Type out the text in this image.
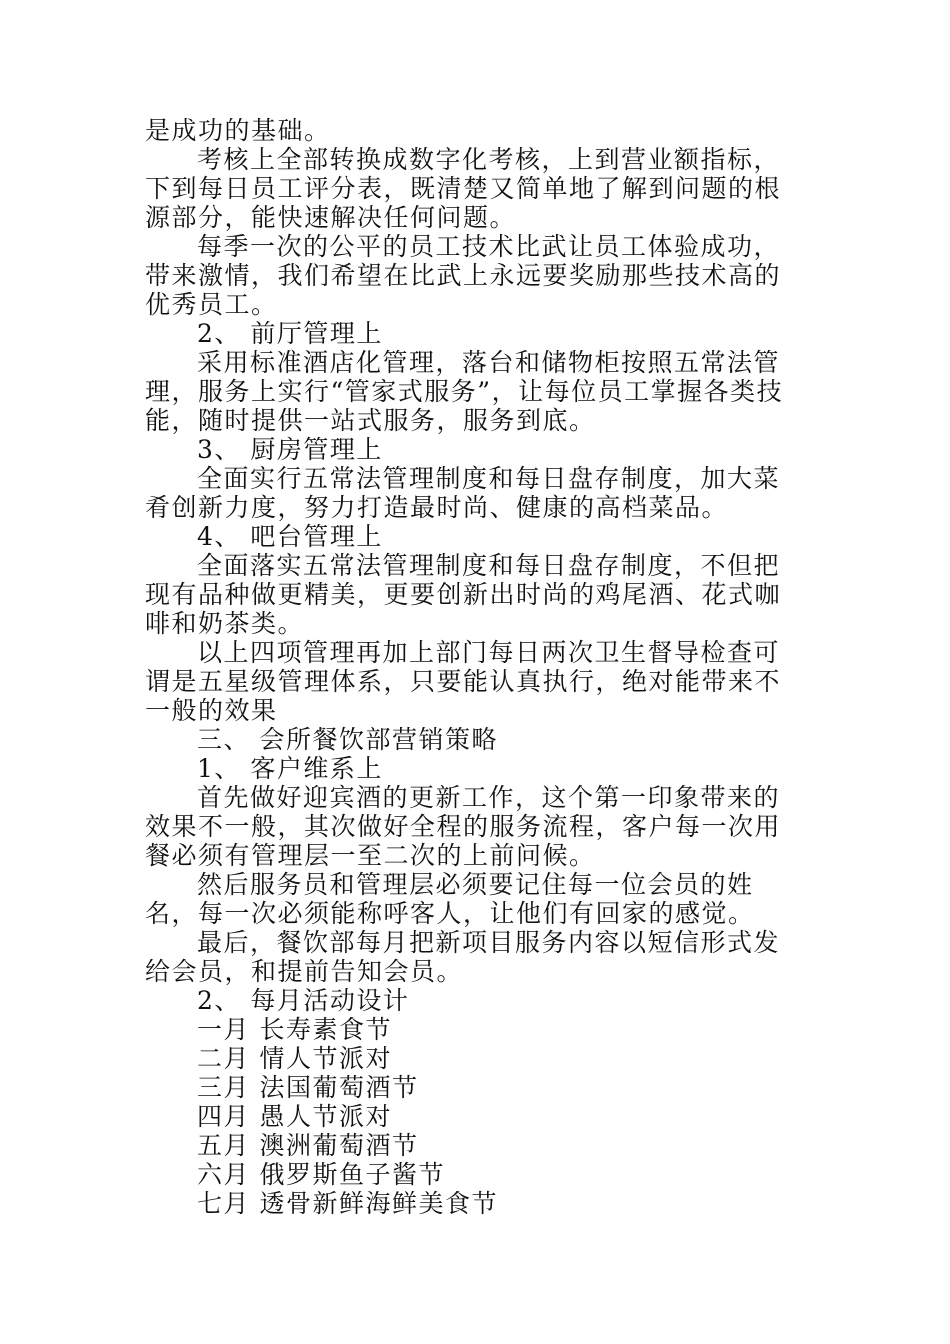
是成功的基础。

考核上全部转换成数字化考核，上到营业额指标，下到每日员工评分表，既清楚又简单地了解到问题的根源部分，能快速解决任何问题。

每季一次的公平的员工技术比武让员工体验成功，带来激情，我们希望在比武上永远要奖励那些技术高的优秀员工。

2、 前厅管理上

采用标准酒店化管理，落台和储物柜按照五常法管理，服务上实行“管家式服务”，让每位员工掌握各类技能，随时提供一站式服务，服务到底。

3、 厨房管理上

全面实行五常法管理制度和每日盘存制度，加大菜肴创新力度，努力打造最时尚、健康的高档菜品。

4、 吧台管理上

全面落实五常法管理制度和每日盘存制度，不但把现有品种做更精美，更要创新出时尚的鸡尾酒、花式咖啡和奶茶类。

以上四项管理再加上部门每日两次卫生督导检查可谓是五星级管理体系，只要能认真执行，绝对能带来不一般的效果

三、 会所餐饮部营销策略

1、 客户维系上

首先做好迎宾酒的更新工作，这个第一印象带来的效果不一般，其次做好全程的服务流程，客户每一次用餐必须有管理层一至二次的上前问候。

然后服务员和管理层必须要记住每一位会员的姓名，每一次必须能称呼客人，让他们有回家的感觉。

最后，餐饮部每月把新项目服务内容以短信形式发给会员，和提前告知会员。

2、 每月活动设计

一月 长寿素食节

二月 情人节派对

三月 法国葡萄酒节

四月 愚人节派对

五月 澳洲葡萄酒节

六月 俄罗斯鱼子酱节

七月 透骨新鲜海鲜美食节
